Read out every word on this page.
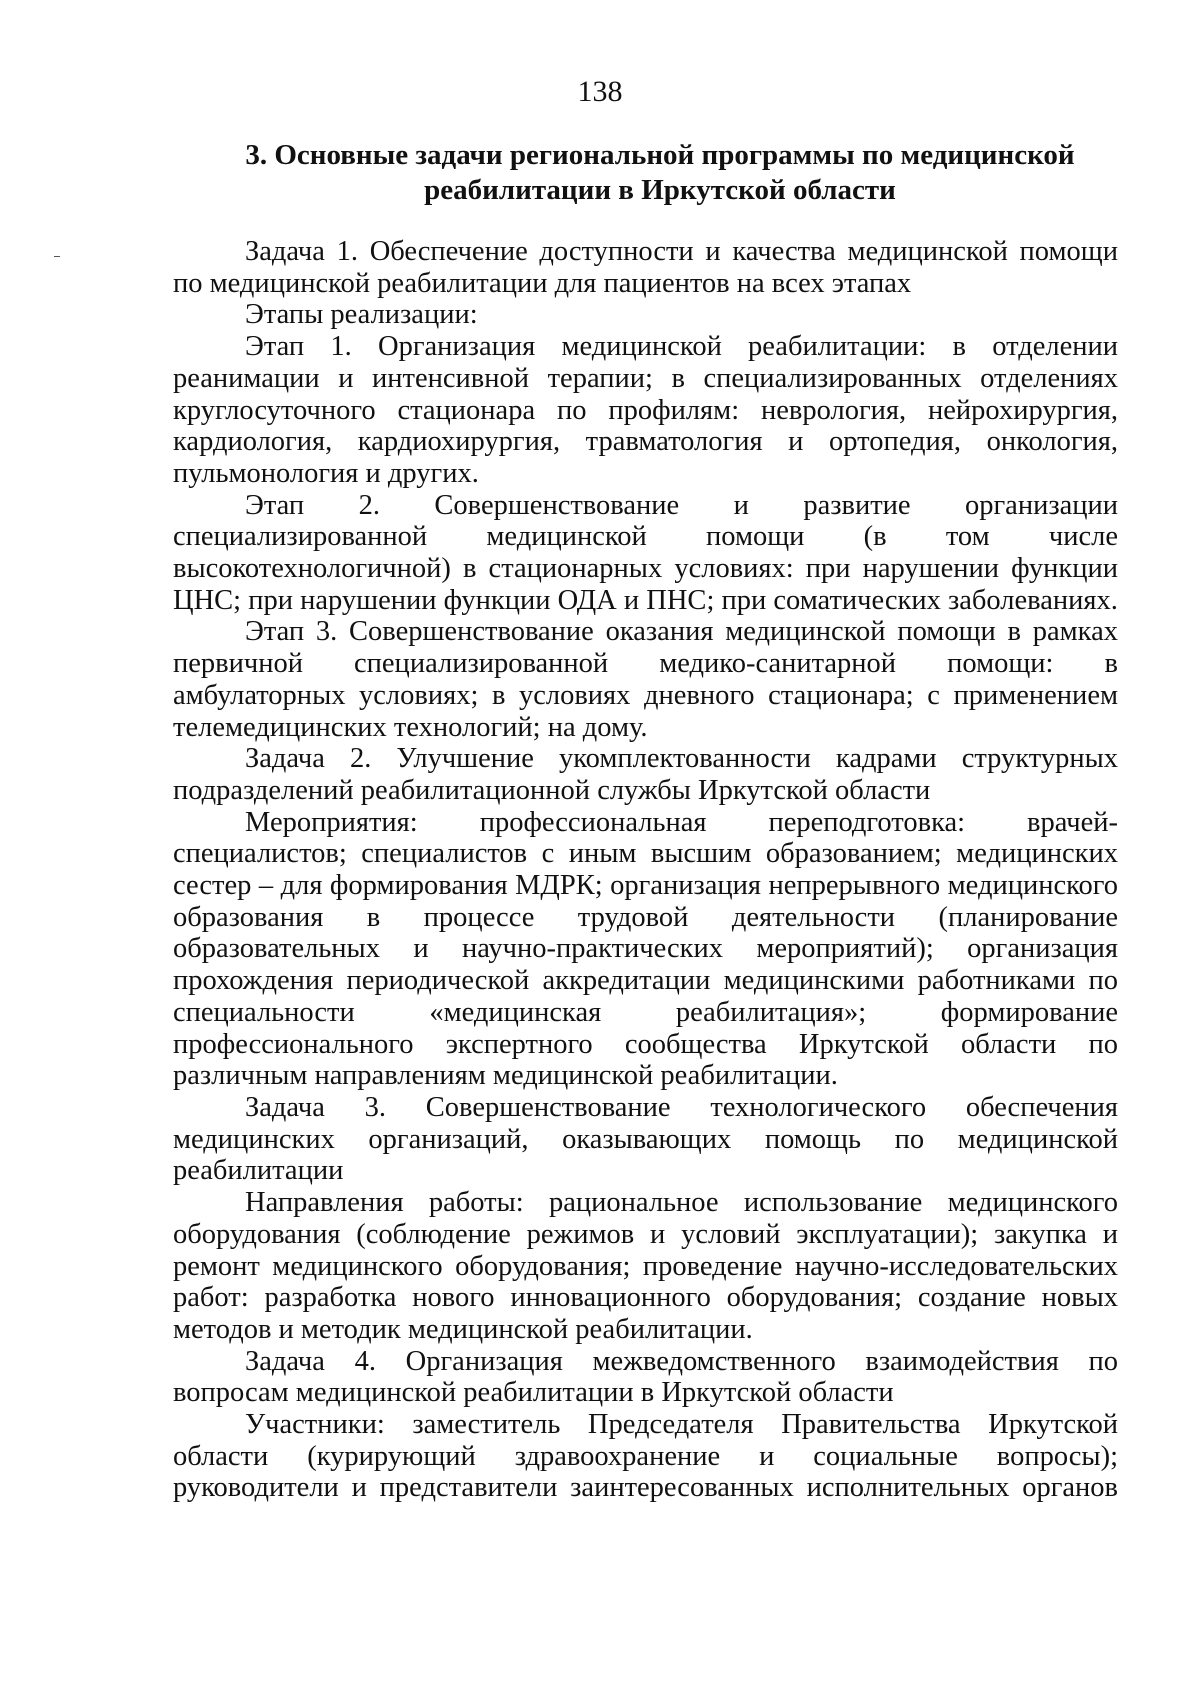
138
3. Основные задачи региональной программы по медицинской
реабилитации в Иркутской области

Задача 1. Обеспечение доступности и качества медицинской помощи по медицинской реабилитации для пациентов на всех этапах

Этапы реализации:

Этап 1. Организация медицинской реабилитации: в отделении реанимации и интенсивной терапии; в специализированных отделениях круглосуточного стационара по профилям: неврология, нейрохирургия, кардиология, кардиохирургия, травматология и ортопедия, онкология, пульмонология и других.

Этап 2. Совершенствование и развитие организации специализированной медицинской помощи (в том числе высокотехнологичной) в стационарных условиях: при нарушении функции ЦНС; при нарушении функции ОДА и ПНС; при соматических заболеваниях.

Этап 3. Совершенствование оказания медицинской помощи в рамках первичной специализированной медико-санитарной помощи: в амбулаторных условиях; в условиях дневного стационара; с применением телемедицинских технологий; на дому.

Задача 2. Улучшение укомплектованности кадрами структурных подразделений реабилитационной службы Иркутской области

Мероприятия: профессиональная переподготовка: врачей-специалистов; специалистов с иным высшим образованием; медицинских сестер – для формирования МДРК; организация непрерывного медицинского образования в процессе трудовой деятельности (планирование образовательных и научно-практических мероприятий); организация прохождения периодической аккредитации медицинскими работниками по специальности «медицинская реабилитация»; формирование профессионального экспертного сообщества Иркутской области по различным направлениям медицинской реабилитации.

Задача 3. Совершенствование технологического обеспечения медицинских организаций, оказывающих помощь по медицинской реабилитации

Направления работы: рациональное использование медицинского оборудования (соблюдение режимов и условий эксплуатации); закупка и ремонт медицинского оборудования; проведение научно-исследовательских работ: разработка нового инновационного оборудования; создание новых методов и методик медицинской реабилитации.

Задача 4. Организация межведомственного взаимодействия по вопросам медицинской реабилитации в Иркутской области

Участники: заместитель Председателя Правительства Иркутской области (курирующий здравоохранение и социальные вопросы); руководители и представители заинтересованных исполнительных органов
